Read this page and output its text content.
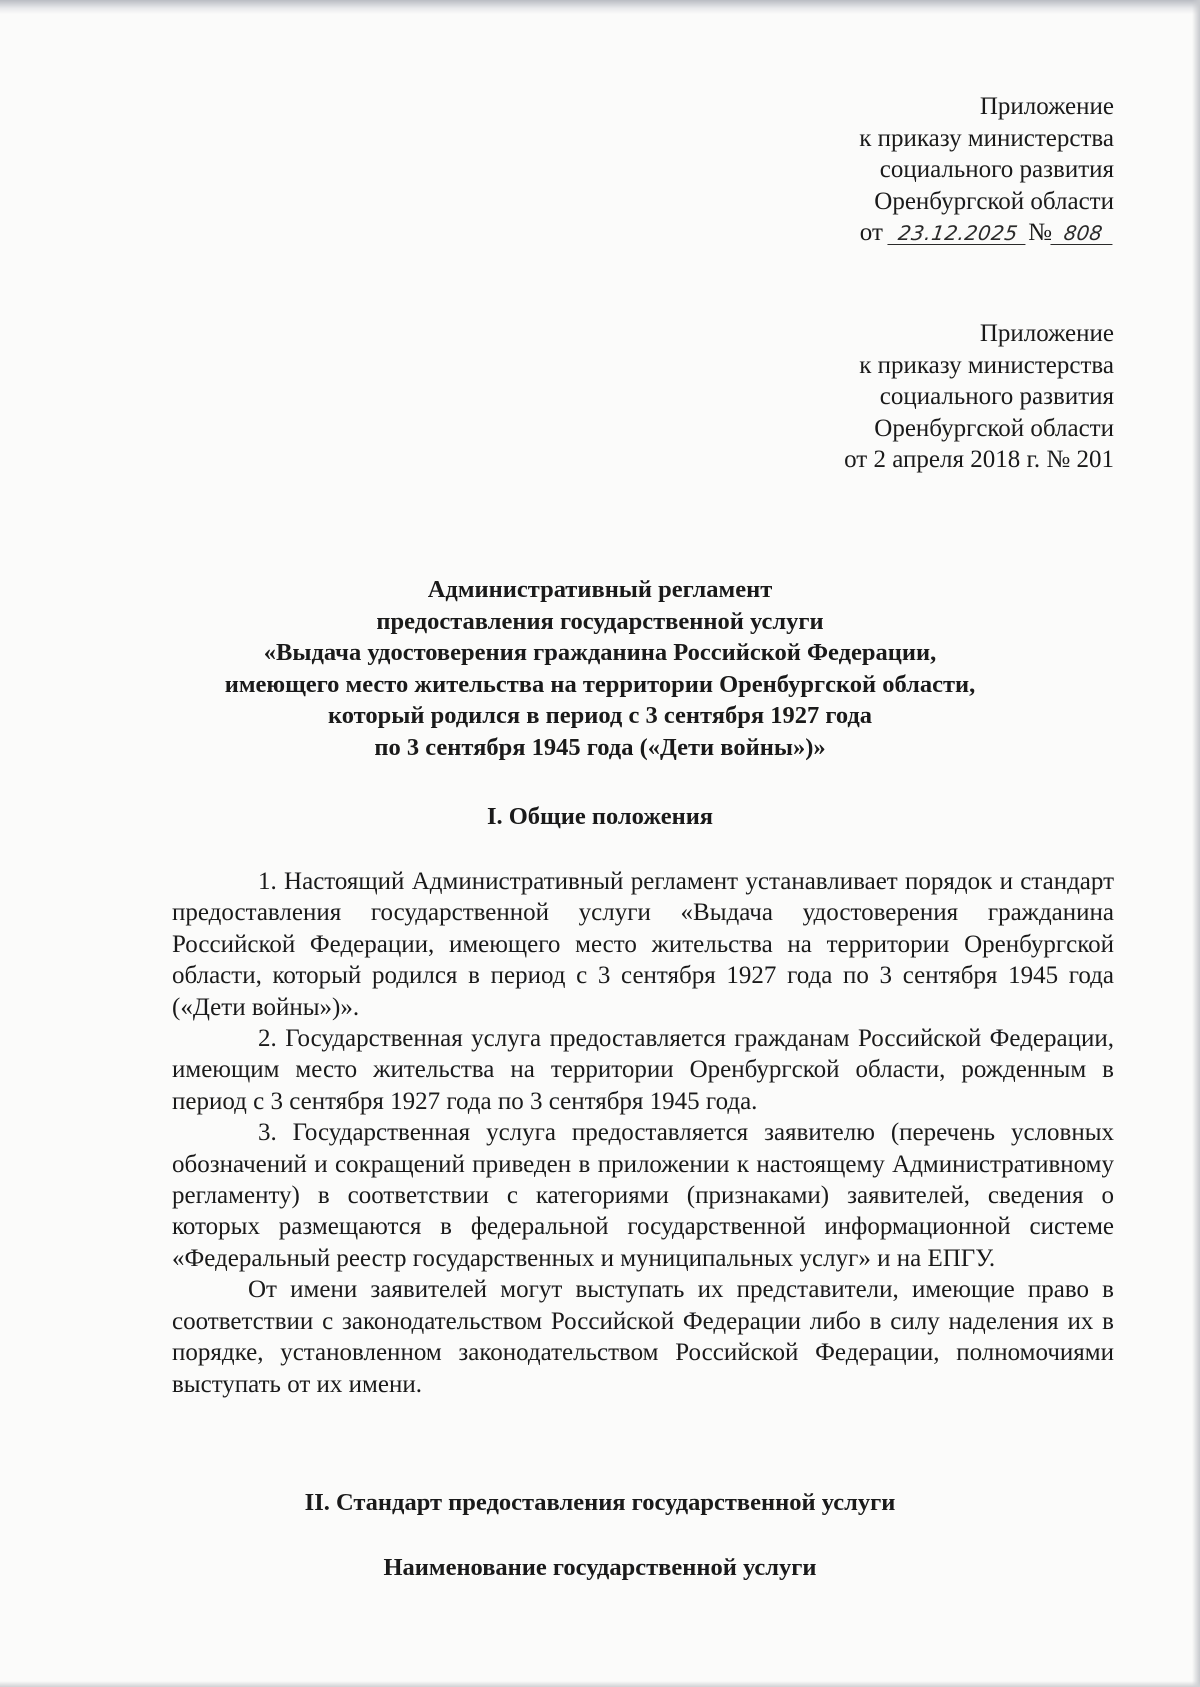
Приложение
к приказу министерства
социального развития
Оренбургской области
от 23.12.2025 № 808
Приложение
к приказу министерства
социального развития
Оренбургской области
от 2 апреля 2018 г. № 201
Административный регламент
предоставления государственной услуги
«Выдача удостоверения гражданина Российской Федерации,
имеющего место жительства на территории Оренбургской области,
который родился в период с 3 сентября 1927 года
по 3 сентября 1945 года («Дети войны»)»
I. Общие положения

1. Настоящий Административный регламент устанавливает порядок и стандарт предоставления государственной услуги «Выдача удостоверения гражданина Российской Федерации, имеющего место жительства на территории Оренбургской области, который родился в период с 3 сентября 1927 года по 3 сентября 1945 года («Дети войны»)».

2. Государственная услуга предоставляется гражданам Российской Федерации, имеющим место жительства на территории Оренбургской области, рожденным в период с 3 сентября 1927 года по 3 сентября 1945 года.

3. Государственная услуга предоставляется заявителю (перечень условных обозначений и сокращений приведен в приложении к настоящему Административному регламенту) в соответствии с категориями (признаками) заявителей, сведения о которых размещаются в федеральной государственной информационной системе «Федеральный реестр государственных и муниципальных услуг» и на ЕПГУ.

От имени заявителей могут выступать их представители, имеющие право в соответствии с законодательством Российской Федерации либо в силу наделения их в порядке, установленном законодательством Российской Федерации, полномочиями выступать от их имени.

II. Стандарт предоставления государственной услуги
Наименование государственной услуги
